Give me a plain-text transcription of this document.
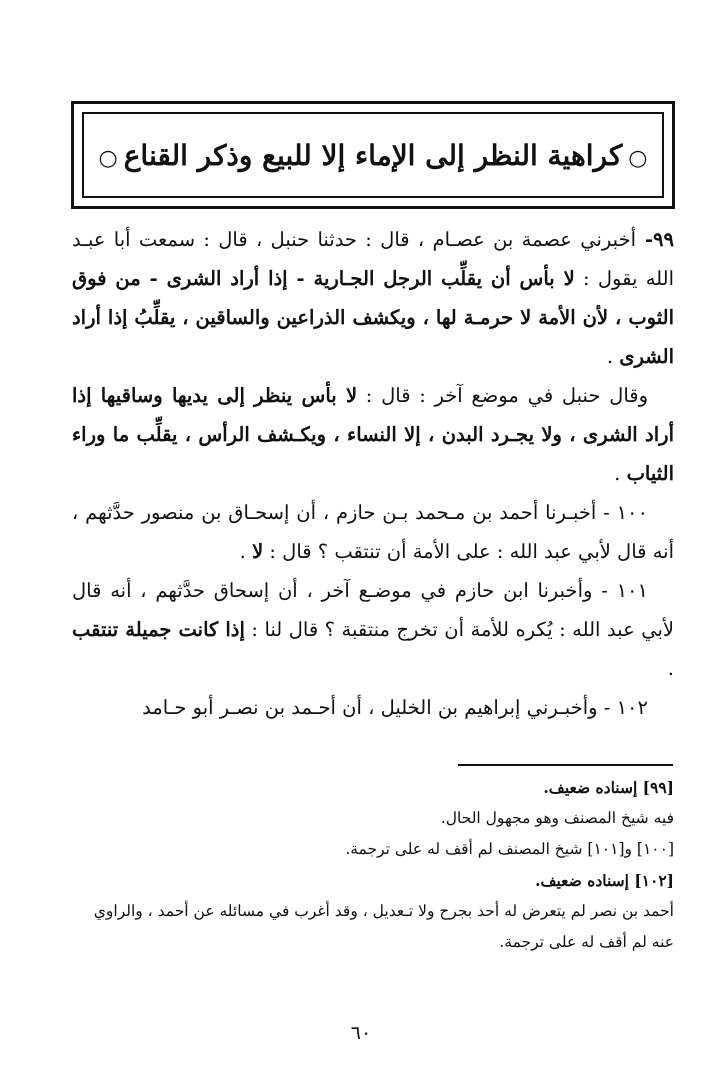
○كراهية النظر إلى الإماء إلا للبيع وذكر القناع○

٩٩- أخبرني عصمة بن عصـام ، قال : حدثنا حنبل ، قال : سمعت أبا عبـد الله يقول : لا بأس أن يقلِّب الرجل الجـارية - إذا أراد الشرى - من فوق الثوب ، لأن الأمة لا حرمـة لها ، ويكشف الذراعين والساقين ، يقلِّبُ إذا أراد الشرى .

وقال حنبل في موضع آخر : قال : لا بأس ينظر إلى يديها وساقيها إذا أراد الشرى ، ولا يجـرد البدن ، إلا النساء ، ويكـشف الرأس ، يقلِّب ما وراء الثياب .

١٠٠ - أخبـرنا أحمد بن مـحمد بـن حازم ، أن إسحـاق بن منصور حدَّثهم ، أنه قال لأبي عبد الله : على الأمة أن تنتقب ؟ قال : لا .

١٠١ - وأخبرنا ابن حازم في موضـع آخر ، أن إسحاق حدَّثهم ، أنه قال لأبي عبد الله : يُكره للأمة أن تخرج منتقبة ؟ قال لنا : إذا كانت جميلة تنتقب .

١٠٢ - وأخبـرني إبراهيم بن الخليل ، أن أحـمد بن نصـر أبو حـامد

[٩٩] إسناده ضعيف.

فيه شيخ المصنف وهو مجهول الحال.

[١٠٠] و[١٠١] شيخ المصنف لم أقف له على ترجمة.

[١٠٢] إسناده ضعيف.

أحمد بن نصر لم يتعرض له أحد بجرح ولا تـعديل ، وقد أغرب في مسائله عن أحمد ، والراوي عنه لم أقف له على ترجمة.

٦٠
